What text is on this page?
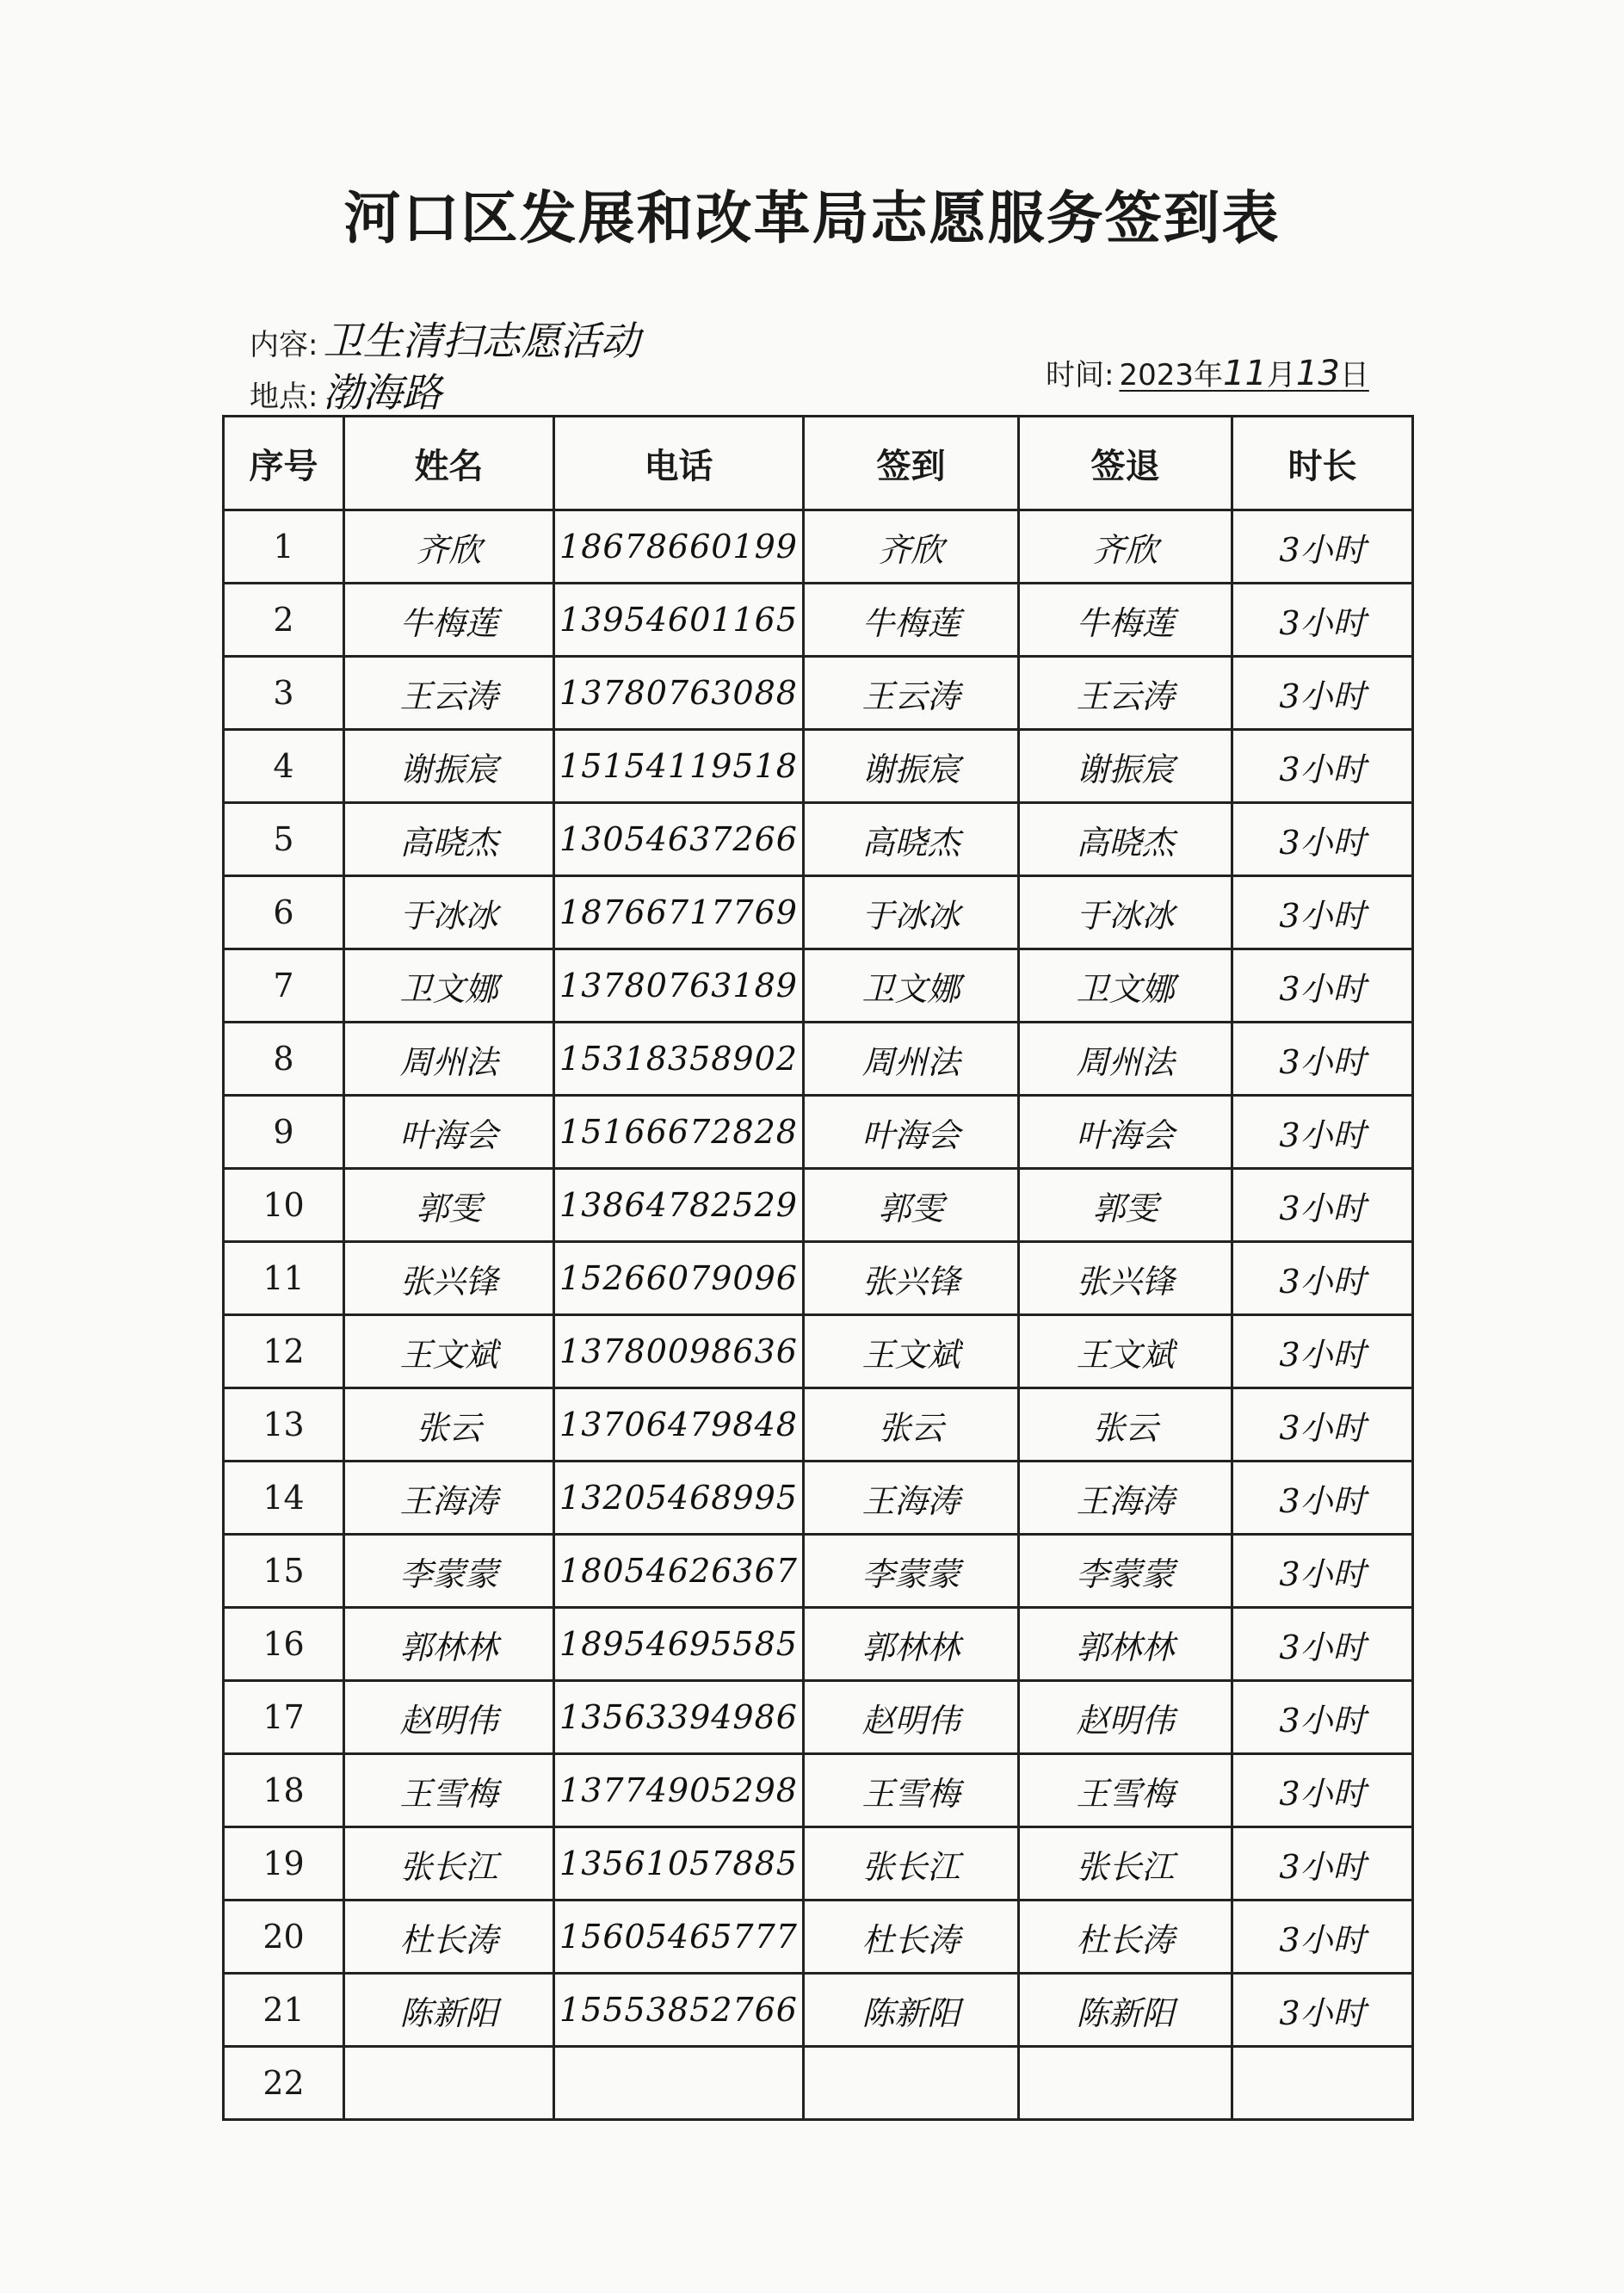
河口区发展和改革局志愿服务签到表
内容: 卫生清扫志愿活动
地点: 渤海路	时间: 2023年11月13日
序号	姓名	电话	签到	签退	时长
1	齐欣	18678660199	齐欣	齐欣	3小时
2	牛梅莲	13954601165	牛梅莲	牛梅莲	3小时
3	王云涛	13780763088	王云涛	王云涛	3小时
4	谢振宸	15154119518	谢振宸	谢振宸	3小时
5	高晓杰	13054637266	高晓杰	高晓杰	3小时
6	于冰冰	18766717769	于冰冰	于冰冰	3小时
7	卫文娜	13780763189	卫文娜	卫文娜	3小时
8	周州法	15318358902	周州法	周州法	3小时
9	叶海会	15166672828	叶海会	叶海会	3小时
10	郭雯	13864782529	郭雯	郭雯	3小时
11	张兴锋	15266079096	张兴锋	张兴锋	3小时
12	王文斌	13780098636	王文斌	王文斌	3小时
13	张云	13706479848	张云	张云	3小时
14	王海涛	13205468995	王海涛	王海涛	3小时
15	李蒙蒙	18054626367	李蒙蒙	李蒙蒙	3小时
16	郭林林	18954695585	郭林林	郭林林	3小时
17	赵明伟	13563394986	赵明伟	赵明伟	3小时
18	王雪梅	13774905298	王雪梅	王雪梅	3小时
19	张长江	13561057885	张长江	张长江	3小时
20	杜长涛	15605465777	杜长涛	杜长涛	3小时
21	陈新阳	15553852766	陈新阳	陈新阳	3小时
22					
